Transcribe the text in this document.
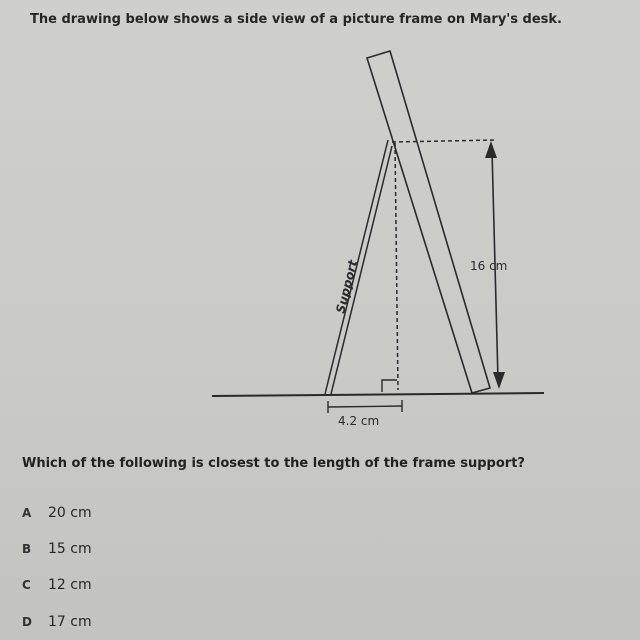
The drawing below shows a side view of a picture frame on Mary's desk.
Support	16 cm
4.2 cm
Which of the following is closest to the length of the frame support?
A 20 cm
B 15 cm
C 12 cm
D 17 cm
